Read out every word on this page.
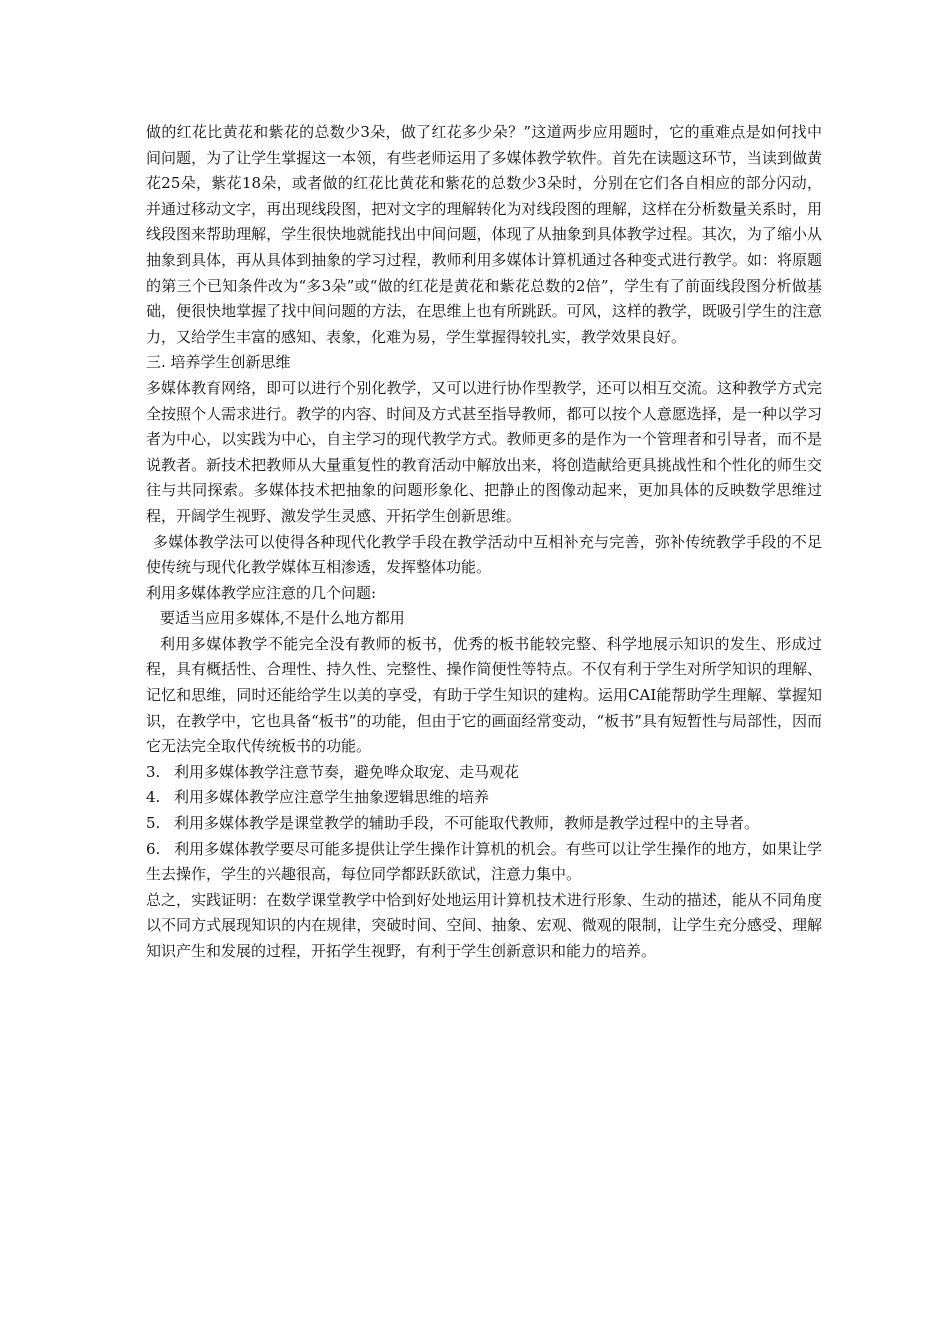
做的红花比黄花和紫花的总数少3朵，做了红花多少朵？”这道两步应用题时，它的重难点是如何找中间问题，为了让学生掌握这一本领，有些老师运用了多媒体教学软件。首先在读题这环节，当读到做黄花25朵，紫花18朵，或者做的红花比黄花和紫花的总数少3朵时，分别在它们各自相应的部分闪动，并通过移动文字，再出现线段图，把对文字的理解转化为对线段图的理解，这样在分析数量关系时，用线段图来帮助理解，学生很快地就能找出中间问题，体现了从抽象到具体教学过程。其次，为了缩小从抽象到具体，再从具体到抽象的学习过程，教师利用多媒体计算机通过各种变式进行教学。如：将原题的第三个已知条件改为“多3朵”或“做的红花是黄花和紫花总数的2倍”，学生有了前面线段图分析做基础，便很快地掌握了找中间问题的方法，在思维上也有所跳跃。可风，这样的教学，既吸引学生的注意力，又给学生丰富的感知、表象，化难为易，学生掌握得较扎实，教学效果良好。

三. 培养学生创新思维

多媒体教育网络，即可以进行个别化教学，又可以进行协作型教学，还可以相互交流。这种教学方式完全按照个人需求进行。教学的内容、时间及方式甚至指导教师，都可以按个人意愿选择，是一种以学习者为中心，以实践为中心，自主学习的现代教学方式。教师更多的是作为一个管理者和引导者，而不是说教者。新技术把教师从大量重复性的教育活动中解放出来，将创造献给更具挑战性和个性化的师生交往与共同探索。多媒体技术把抽象的问题形象化、把静止的图像动起来，更加具体的反映数学思维过程，开阔学生视野、激发学生灵感、开拓学生创新思维。

多媒体教学法可以使得各种现代化教学手段在教学活动中互相补充与完善，弥补传统教学手段的不足使传统与现代化教学媒体互相渗透，发挥整体功能。

利用多媒体教学应注意的几个问题:

要适当应用多媒体,不是什么地方都用

利用多媒体教学不能完全没有教师的板书，优秀的板书能较完整、科学地展示知识的发生、形成过程，具有概括性、合理性、持久性、完整性、操作简便性等特点。不仅有利于学生对所学知识的理解、记忆和思维，同时还能给学生以美的享受，有助于学生知识的建构。运用CAI能帮助学生理解、掌握知识，在教学中，它也具备“板书”的功能，但由于它的画面经常变动，“板书”具有短暂性与局部性，因而它无法完全取代传统板书的功能。

3. 利用多媒体教学注意节奏，避免哗众取宠、走马观花

4. 利用多媒体教学应注意学生抽象逻辑思维的培养

5. 利用多媒体教学是课堂教学的辅助手段，不可能取代教师，教师是教学过程中的主导者。

6. 利用多媒体教学要尽可能多提供让学生操作计算机的机会。有些可以让学生操作的地方，如果让学生去操作，学生的兴趣很高，每位同学都跃跃欲试，注意力集中。

总之，实践证明：在数学课堂教学中恰到好处地运用计算机技术进行形象、生动的描述，能从不同角度以不同方式展现知识的内在规律，突破时间、空间、抽象、宏观、微观的限制，让学生充分感受、理解知识产生和发展的过程，开拓学生视野，有利于学生创新意识和能力的培养。
